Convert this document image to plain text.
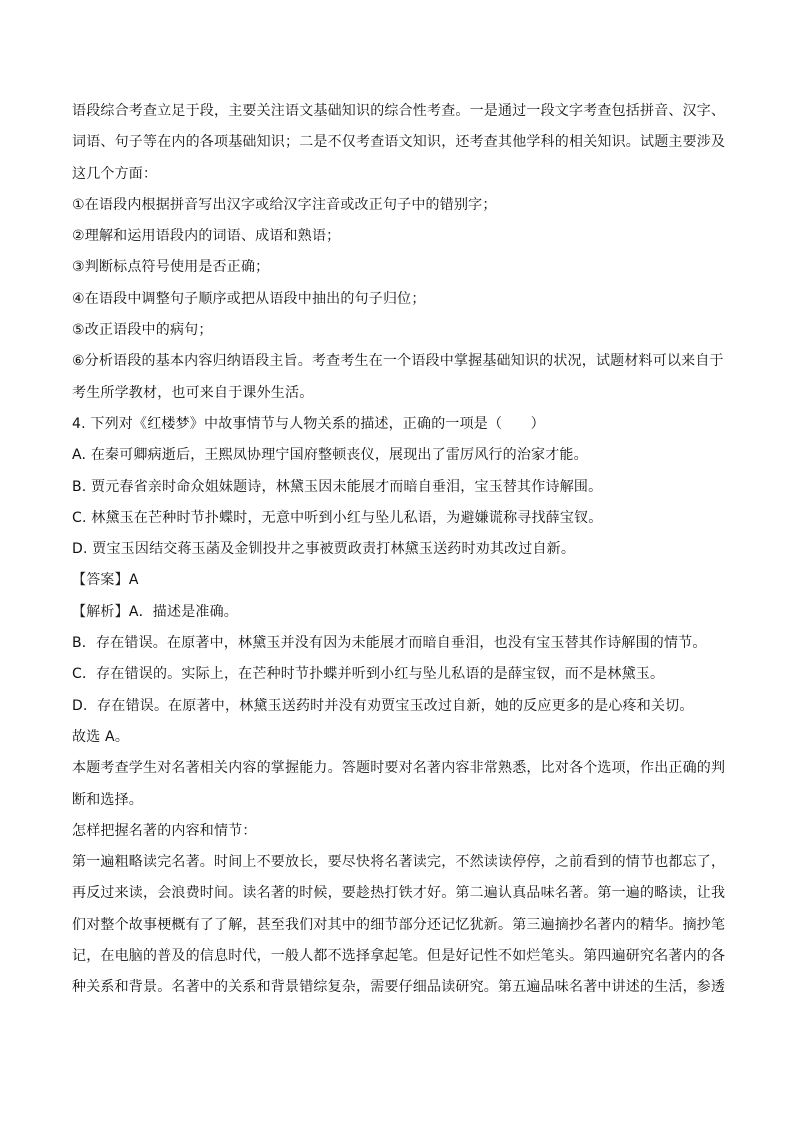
语段综合考查立足于段，主要关注语文基础知识的综合性考查。一是通过一段文字考查包括拼音、汉字、
词语、句子等在内的各项基础知识；二是不仅考查语文知识，还考查其他学科的相关知识。试题主要涉及
这几个方面：
①在语段内根据拼音写出汉字或给汉字注音或改正句子中的错别字；
②理解和运用语段内的词语、成语和熟语；
③判断标点符号使用是否正确；
④在语段中调整句子顺序或把从语段中抽出的句子归位；
⑤改正语段中的病句；
⑥分析语段的基本内容归纳语段主旨。考查考生在一个语段中掌握基础知识的状况，试题材料可以来自于
考生所学教材，也可来自于课外生活。
4. 下列对《红楼梦》中故事情节与人物关系的描述，正确的一项是（　　）
A. 在秦可卿病逝后，王熙凤协理宁国府整顿丧仪，展现出了雷厉风行的治家才能。
B. 贾元春省亲时命众姐妹题诗，林黛玉因未能展才而暗自垂泪，宝玉替其作诗解围。
C. 林黛玉在芒种时节扑蝶时，无意中听到小红与坠儿私语，为避嫌谎称寻找薛宝钗。
D. 贾宝玉因结交蒋玉菡及金钏投井之事被贾政责打林黛玉送药时劝其改过自新。
【答案】A
【解析】A．描述是准确。
B．存在错误。在原著中，林黛玉并没有因为未能展才而暗自垂泪，也没有宝玉替其作诗解围的情节。
C．存在错误的。实际上，在芒种时节扑蝶并听到小红与坠儿私语的是薛宝钗，而不是林黛玉。
D．存在错误。在原著中，林黛玉送药时并没有劝贾宝玉改过自新，她的反应更多的是心疼和关切。
故选 A。
本题考查学生对名著相关内容的掌握能力。答题时要对名著内容非常熟悉，比对各个选项，作出正确的判
断和选择。
怎样把握名著的内容和情节：
第一遍粗略读完名著。时间上不要放长，要尽快将名著读完，不然读读停停，之前看到的情节也都忘了，
再反过来读，会浪费时间。读名著的时候，要趁热打铁才好。第二遍认真品味名著。第一遍的略读，让我
们对整个故事梗概有了了解，甚至我们对其中的细节部分还记忆犹新。第三遍摘抄名著内的精华。摘抄笔
记，在电脑的普及的信息时代，一般人都不选择拿起笔。但是好记性不如烂笔头。第四遍研究名著内的各
种关系和背景。名著中的关系和背景错综复杂，需要仔细品读研究。第五遍品味名著中讲述的生活，参透
